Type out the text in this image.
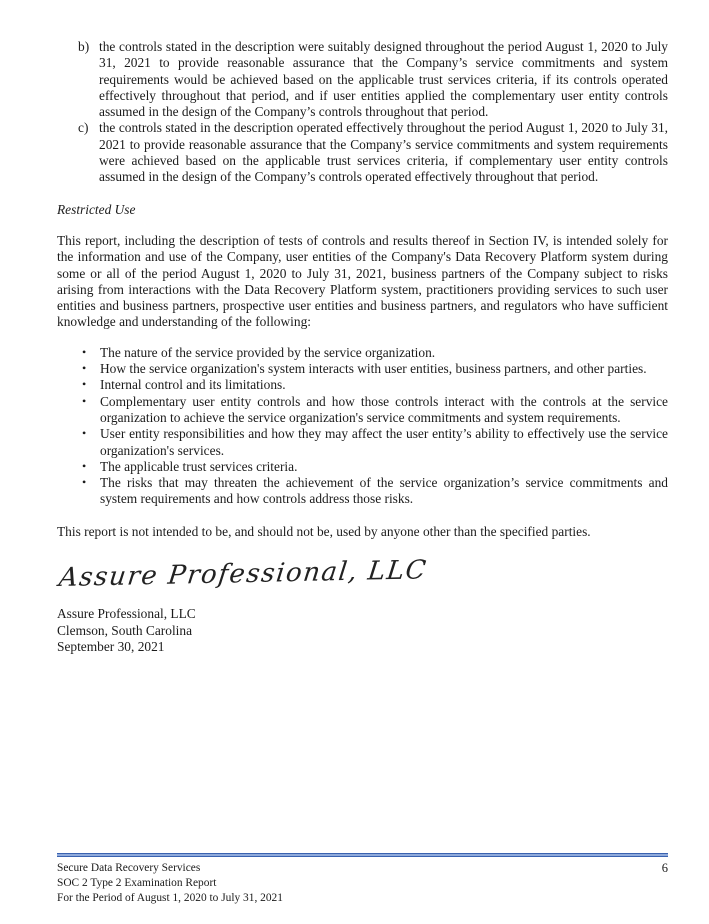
b) the controls stated in the description were suitably designed throughout the period August 1, 2020 to July 31, 2021 to provide reasonable assurance that the Company’s service commitments and system requirements would be achieved based on the applicable trust services criteria, if its controls operated effectively throughout that period, and if user entities applied the complementary user entity controls assumed in the design of the Company’s controls throughout that period.
c) the controls stated in the description operated effectively throughout the period August 1, 2020 to July 31, 2021 to provide reasonable assurance that the Company’s service commitments and system requirements were achieved based on the applicable trust services criteria, if complementary user entity controls assumed in the design of the Company’s controls operated effectively throughout that period.
Restricted Use
This report, including the description of tests of controls and results thereof in Section IV, is intended solely for the information and use of the Company, user entities of the Company's Data Recovery Platform system during some or all of the period August 1, 2020 to July 31, 2021, business partners of the Company subject to risks arising from interactions with the Data Recovery Platform system, practitioners providing services to such user entities and business partners, prospective user entities and business partners, and regulators who have sufficient knowledge and understanding of the following:
• The nature of the service provided by the service organization.
• How the service organization's system interacts with user entities, business partners, and other parties.
• Internal control and its limitations.
• Complementary user entity controls and how those controls interact with the controls at the service organization to achieve the service organization's service commitments and system requirements.
• User entity responsibilities and how they may affect the user entity’s ability to effectively use the service organization's services.
• The applicable trust services criteria.
• The risks that may threaten the achievement of the service organization’s service commitments and system requirements and how controls address those risks.
This report is not intended to be, and should not be, used by anyone other than the specified parties.
Assure Professional, LLC
Assure Professional, LLC
Clemson, South Carolina
September 30, 2021
6
Secure Data Recovery Services
SOC 2 Type 2 Examination Report
For the Period of August 1, 2020 to July 31, 2021
